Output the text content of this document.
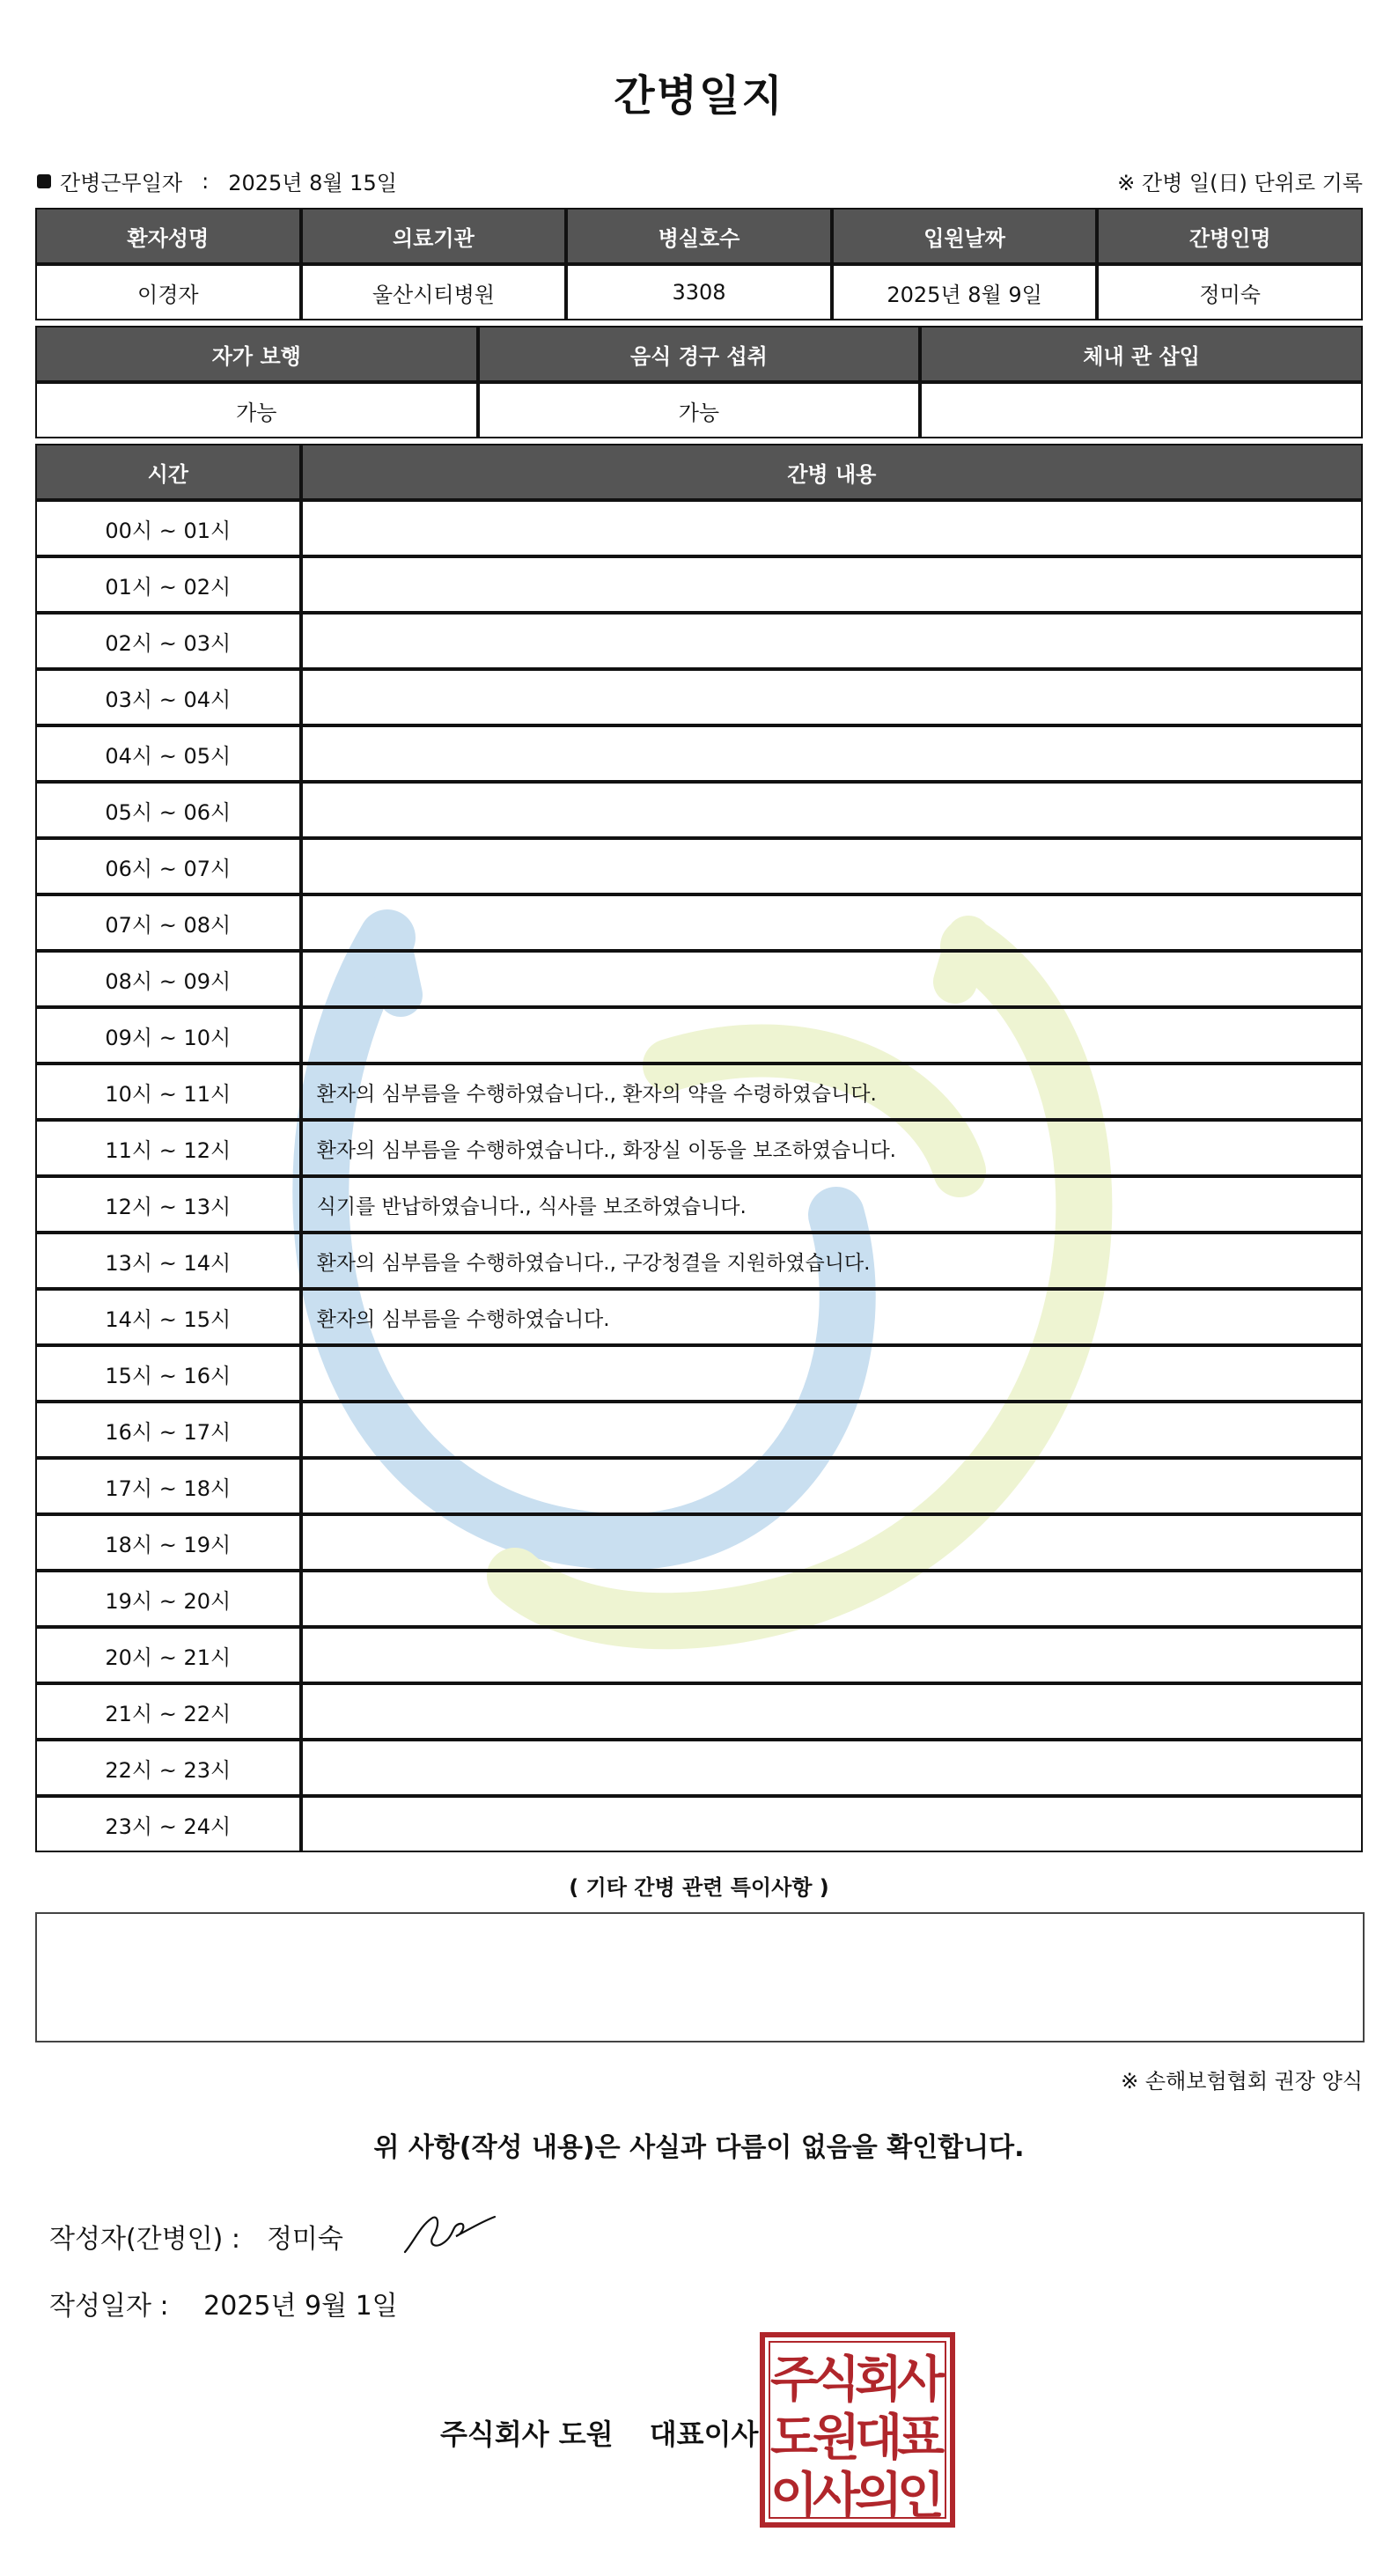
간병일지
간병근무일자 : 2025년 8월 15일	※ 간병 일(日) 단위로 기록
환자성명	의료기관	병실호수	입원날짜	간병인명
이경자	울산시티병원	3308	2025년 8월 9일	정미숙
자가 보행	음식 경구 섭취	체내 관 삽입
가능	가능	
시간	간병 내용
00시 ~ 01시	
01시 ~ 02시	
02시 ~ 03시	
03시 ~ 04시	
04시 ~ 05시	
05시 ~ 06시	
06시 ~ 07시	
07시 ~ 08시	
08시 ~ 09시	
09시 ~ 10시	
10시 ~ 11시	환자의 심부름을 수행하였습니다., 환자의 약을 수령하였습니다.
11시 ~ 12시	환자의 심부름을 수행하였습니다., 화장실 이동을 보조하였습니다.
12시 ~ 13시	식기를 반납하였습니다., 식사를 보조하였습니다.
13시 ~ 14시	환자의 심부름을 수행하였습니다., 구강청결을 지원하였습니다.
14시 ~ 15시	환자의 심부름을 수행하였습니다.
15시 ~ 16시	
16시 ~ 17시	
17시 ~ 18시	
18시 ~ 19시	
19시 ~ 20시	
20시 ~ 21시	
21시 ~ 22시	
22시 ~ 23시	
23시 ~ 24시	
( 기타 간병 관련 특이사항 )
※ 손해보험협회 권장 양식
위 사항(작성 내용)은 사실과 다름이 없음을 확인합니다.
작성자(간병인) : 정미숙
작성일자 : 2025년 9월 1일
주식회사 도원 대표이사
주
식
회
사
도
원
대
표
이
사
의
인
